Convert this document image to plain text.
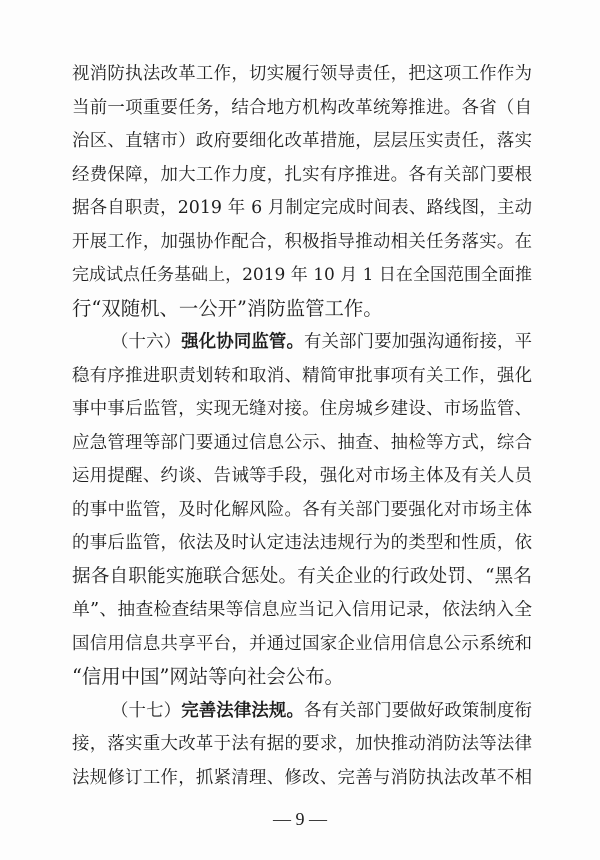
视消防执法改革工作，切实履行领导责任，把这项工作作为
当前一项重要任务，结合地方机构改革统筹推进。各省（自
治区、直辖市）政府要细化改革措施，层层压实责任，落实
经费保障，加大工作力度，扎实有序推进。各有关部门要根
据各自职责，2019 年 6 月制定完成时间表、路线图，主动
开展工作，加强协作配合，积极指导推动相关任务落实。在
完成试点任务基础上，2019 年 10 月 1 日在全国范围全面推
行“双随机、一公开”消防监管工作。
（十六）强化协同监管。有关部门要加强沟通衔接，平
稳有序推进职责划转和取消、精简审批事项有关工作，强化
事中事后监管，实现无缝对接。住房城乡建设、市场监管、
应急管理等部门要通过信息公示、抽查、抽检等方式，综合
运用提醒、约谈、告诫等手段，强化对市场主体及有关人员
的事中监管，及时化解风险。各有关部门要强化对市场主体
的事后监管，依法及时认定违法违规行为的类型和性质，依
据各自职能实施联合惩处。有关企业的行政处罚、“黑名
单”、抽查检查结果等信息应当记入信用记录，依法纳入全
国信用信息共享平台，并通过国家企业信用信息公示系统和
“信用中国”网站等向社会公布。
（十七）完善法律法规。各有关部门要做好政策制度衔
接，落实重大改革于法有据的要求，加快推动消防法等法律
法规修订工作，抓紧清理、修改、完善与消防执法改革不相
— 9 —
